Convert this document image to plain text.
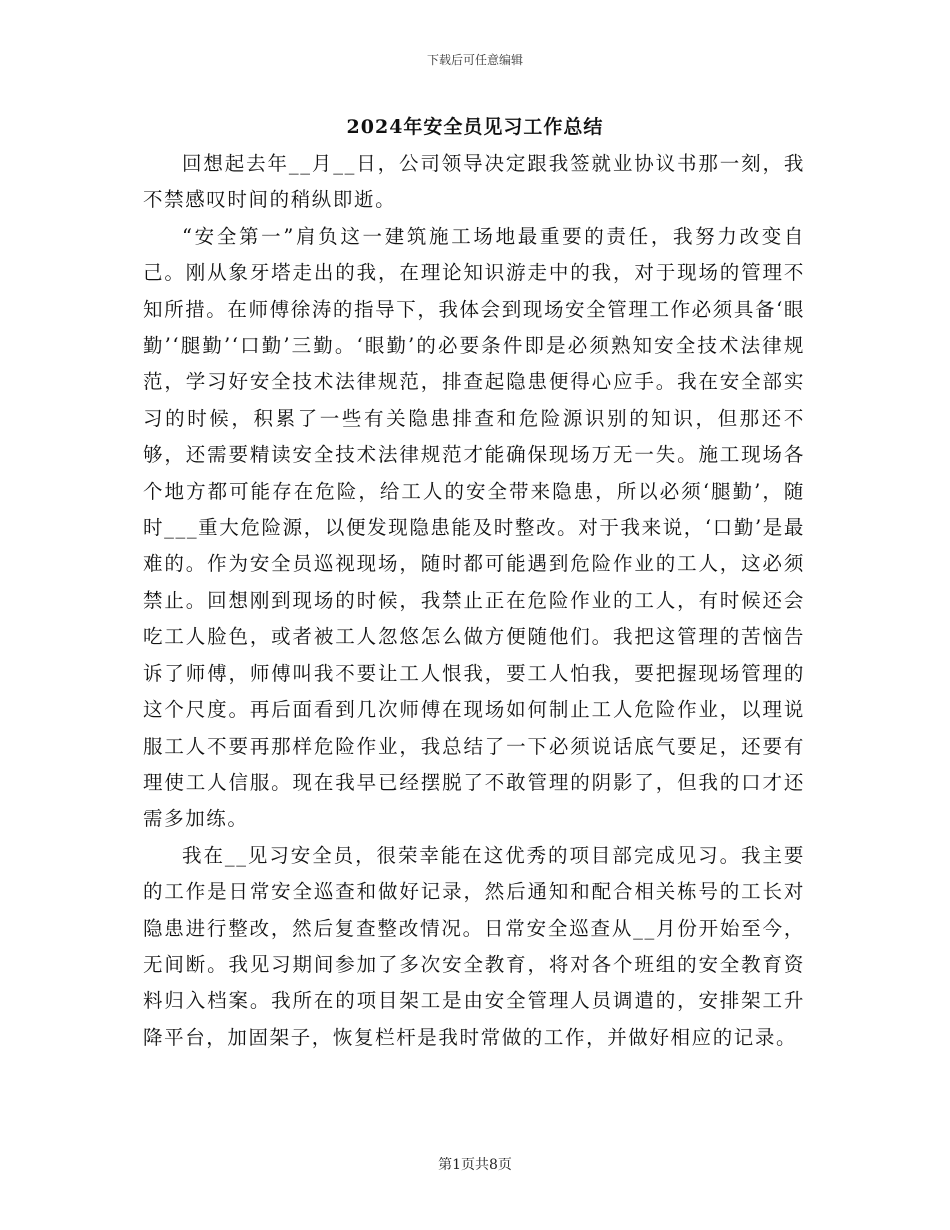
下载后可任意编辑
2024年安全员见习工作总结

回想起去年__月__日，公司领导决定跟我签就业协议书那一刻，我不禁感叹时间的稍纵即逝。

“安全第一”肩负这一建筑施工场地最重要的责任，我努力改变自己。刚从象牙塔走出的我，在理论知识游走中的我，对于现场的管理不知所措。在师傅徐涛的指导下，我体会到现场安全管理工作必须具备‘眼勤’‘腿勤’‘口勤’三勤。‘眼勤’的必要条件即是必须熟知安全技术法律规范，学习好安全技术法律规范，排查起隐患便得心应手。我在安全部实习的时候，积累了一些有关隐患排查和危险源识别的知识，但那还不够，还需要精读安全技术法律规范才能确保现场万无一失。施工现场各个地方都可能存在危险，给工人的安全带来隐患，所以必须‘腿勤’，随时___重大危险源，以便发现隐患能及时整改。对于我来说，‘口勤’是最难的。作为安全员巡视现场，随时都可能遇到危险作业的工人，这必须禁止。回想刚到现场的时候，我禁止正在危险作业的工人，有时候还会吃工人脸色，或者被工人忽悠怎么做方便随他们。我把这管理的苦恼告诉了师傅，师傅叫我不要让工人恨我，要工人怕我，要把握现场管理的这个尺度。再后面看到几次师傅在现场如何制止工人危险作业，以理说服工人不要再那样危险作业，我总结了一下必须说话底气要足，还要有理使工人信服。现在我早已经摆脱了不敢管理的阴影了，但我的口才还需多加练。

我在__见习安全员，很荣幸能在这优秀的项目部完成见习。我主要的工作是日常安全巡查和做好记录，然后通知和配合相关栋号的工长对隐患进行整改，然后复查整改情况。日常安全巡查从__月份开始至今，无间断。我见习期间参加了多次安全教育，将对各个班组的安全教育资料归入档案。我所在的项目架工是由安全管理人员调遣的，安排架工升降平台，加固架子，恢复栏杆是我时常做的工作，并做好相应的记录。

第1页共8页
